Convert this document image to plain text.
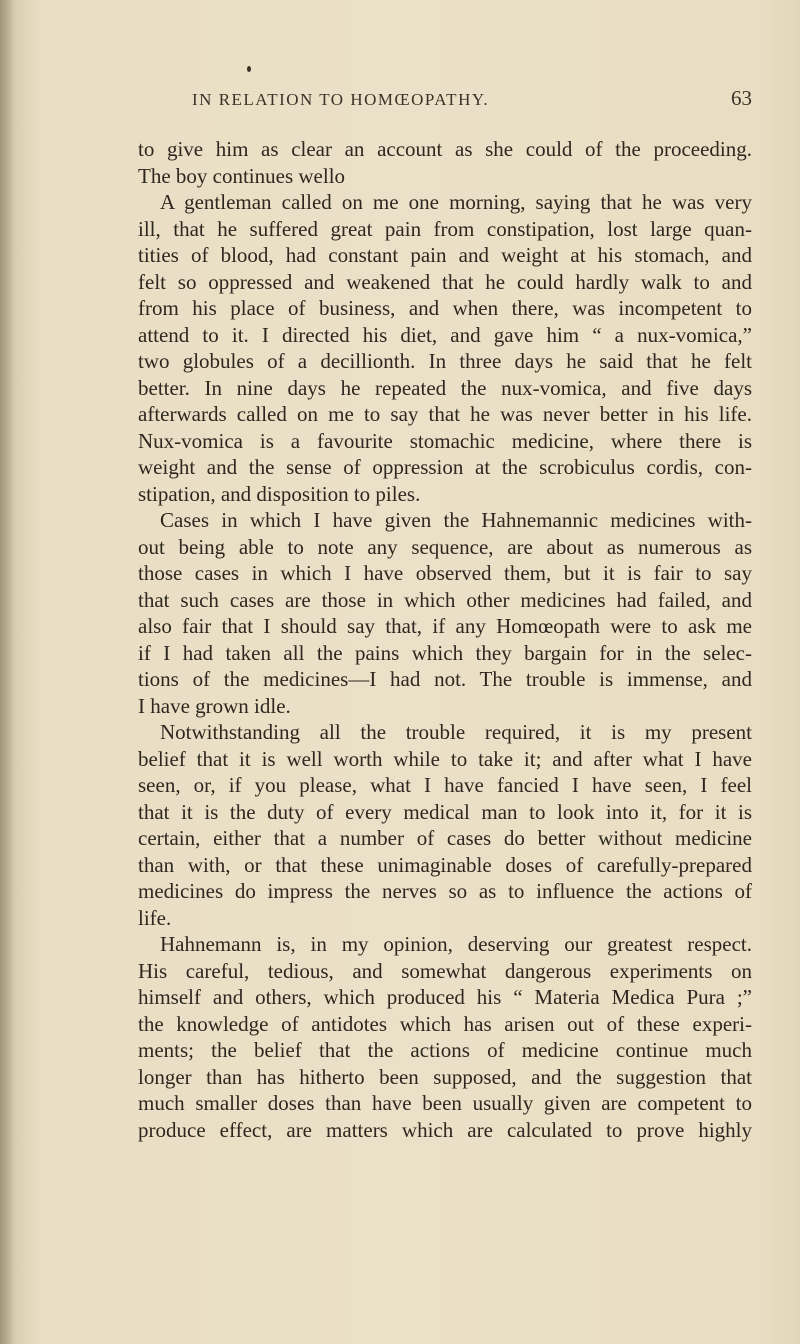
IN RELATION TO HOMŒOPATHY.	63
to give him as clear an account as she could of the proceeding.
The boy continues wello
A gentleman called on me one morning, saying that he was very
ill, that he suffered great pain from constipation, lost large quan-
tities of blood, had constant pain and weight at his stomach, and
felt so oppressed and weakened that he could hardly walk to and
from his place of business, and when there, was incompetent to
attend to it. I directed his diet, and gave him “ a nux-vomica,”
two globules of a decillionth. In three days he said that he felt
better. In nine days he repeated the nux-vomica, and five days
afterwards called on me to say that he was never better in his life.
Nux-vomica is a favourite stomachic medicine, where there is
weight and the sense of oppression at the scrobiculus cordis, con-
stipation, and disposition to piles.
Cases in which I have given the Hahnemannic medicines with-
out being able to note any sequence, are about as numerous as
those cases in which I have observed them, but it is fair to say
that such cases are those in which other medicines had failed, and
also fair that I should say that, if any Homœopath were to ask me
if I had taken all the pains which they bargain for in the selec-
tions of the medicines—I had not. The trouble is immense, and
I have grown idle.
Notwithstanding all the trouble required, it is my present
belief that it is well worth while to take it; and after what I have
seen, or, if you please, what I have fancied I have seen, I feel
that it is the duty of every medical man to look into it, for it is
certain, either that a number of cases do better without medicine
than with, or that these unimaginable doses of carefully-prepared
medicines do impress the nerves so as to influence the actions of
life.
Hahnemann is, in my opinion, deserving our greatest respect.
His careful, tedious, and somewhat dangerous experiments on
himself and others, which produced his “ Materia Medica Pura ;”
the knowledge of antidotes which has arisen out of these experi-
ments; the belief that the actions of medicine continue much
longer than has hitherto been supposed, and the suggestion that
much smaller doses than have been usually given are competent to
produce effect, are matters which are calculated to prove highly
